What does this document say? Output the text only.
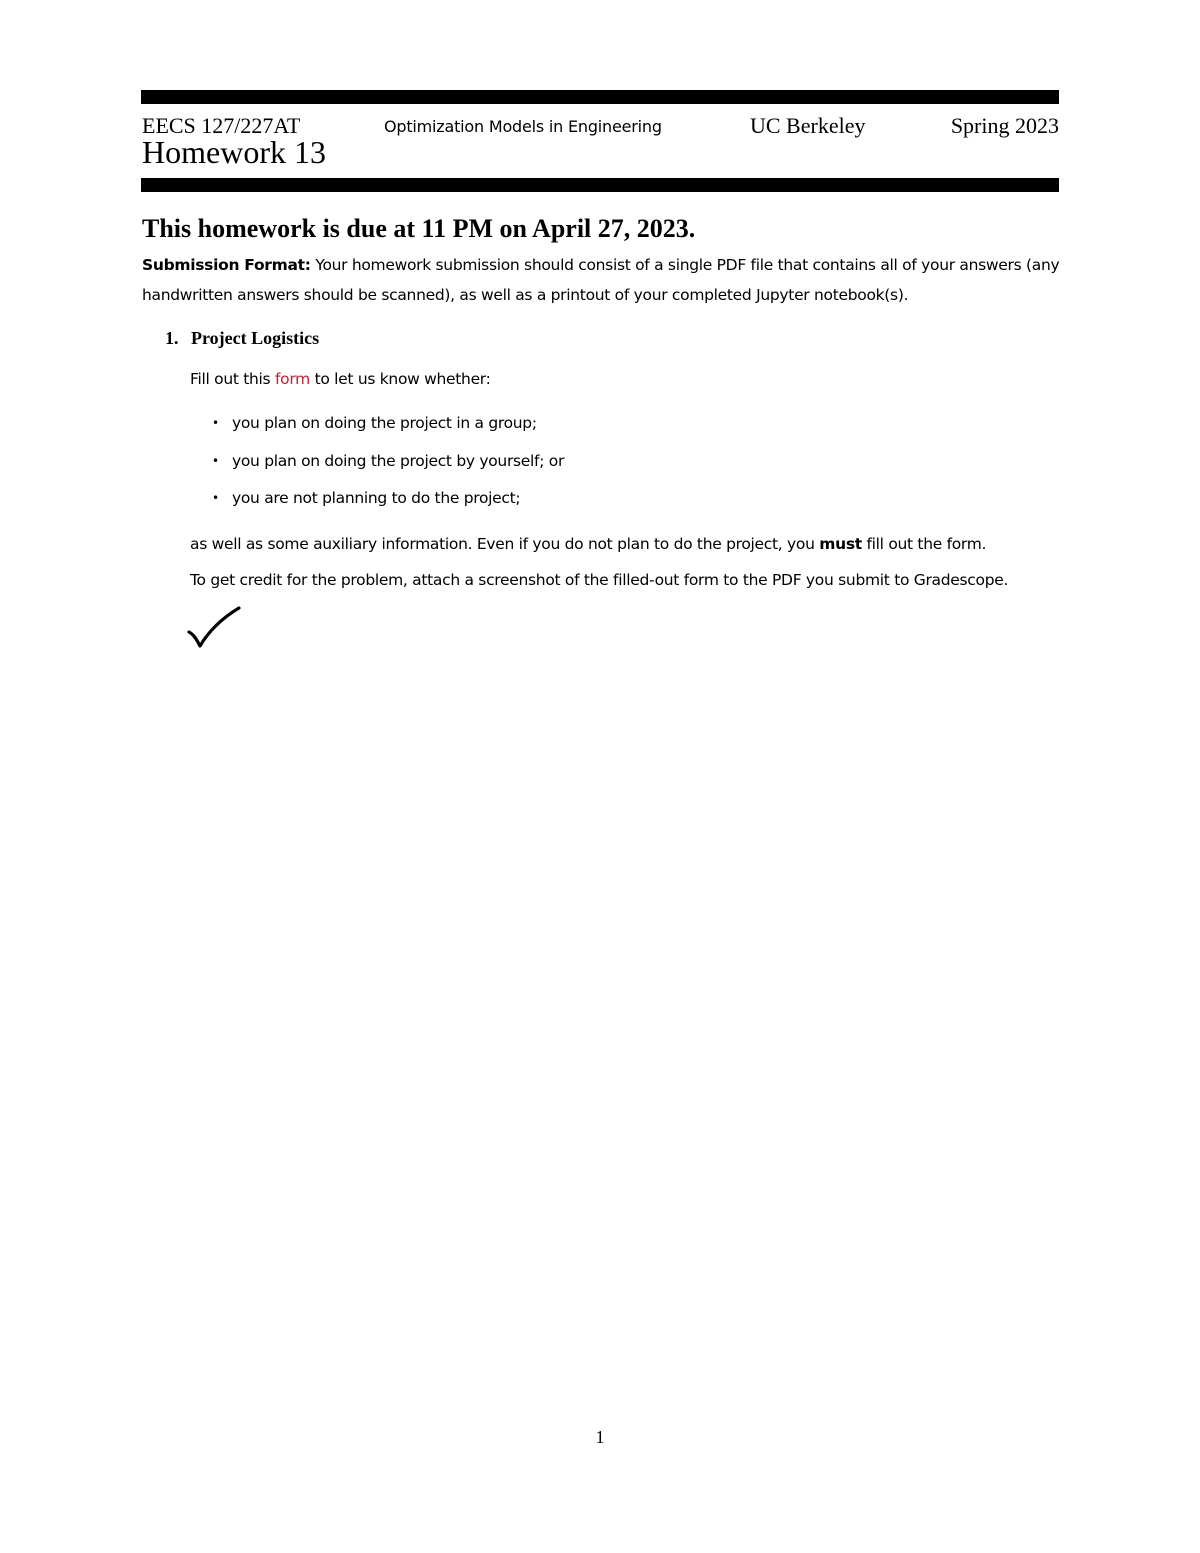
EECS 127/227AT	Optimization Models in Engineering	UC Berkeley	Spring 2023
Homework 13
This homework is due at 11 PM on April 27, 2023.
Submission Format: Your homework submission should consist of a single PDF file that contains all of your answers (any handwritten answers should be scanned), as well as a printout of your completed Jupyter notebook(s).
1. Project Logistics
Fill out this form to let us know whether:
• you plan on doing the project in a group;
• you plan on doing the project by yourself; or
• you are not planning to do the project;
as well as some auxiliary information. Even if you do not plan to do the project, you must fill out the form.
To get credit for the problem, attach a screenshot of the filled-out form to the PDF you submit to Gradescope.
1
